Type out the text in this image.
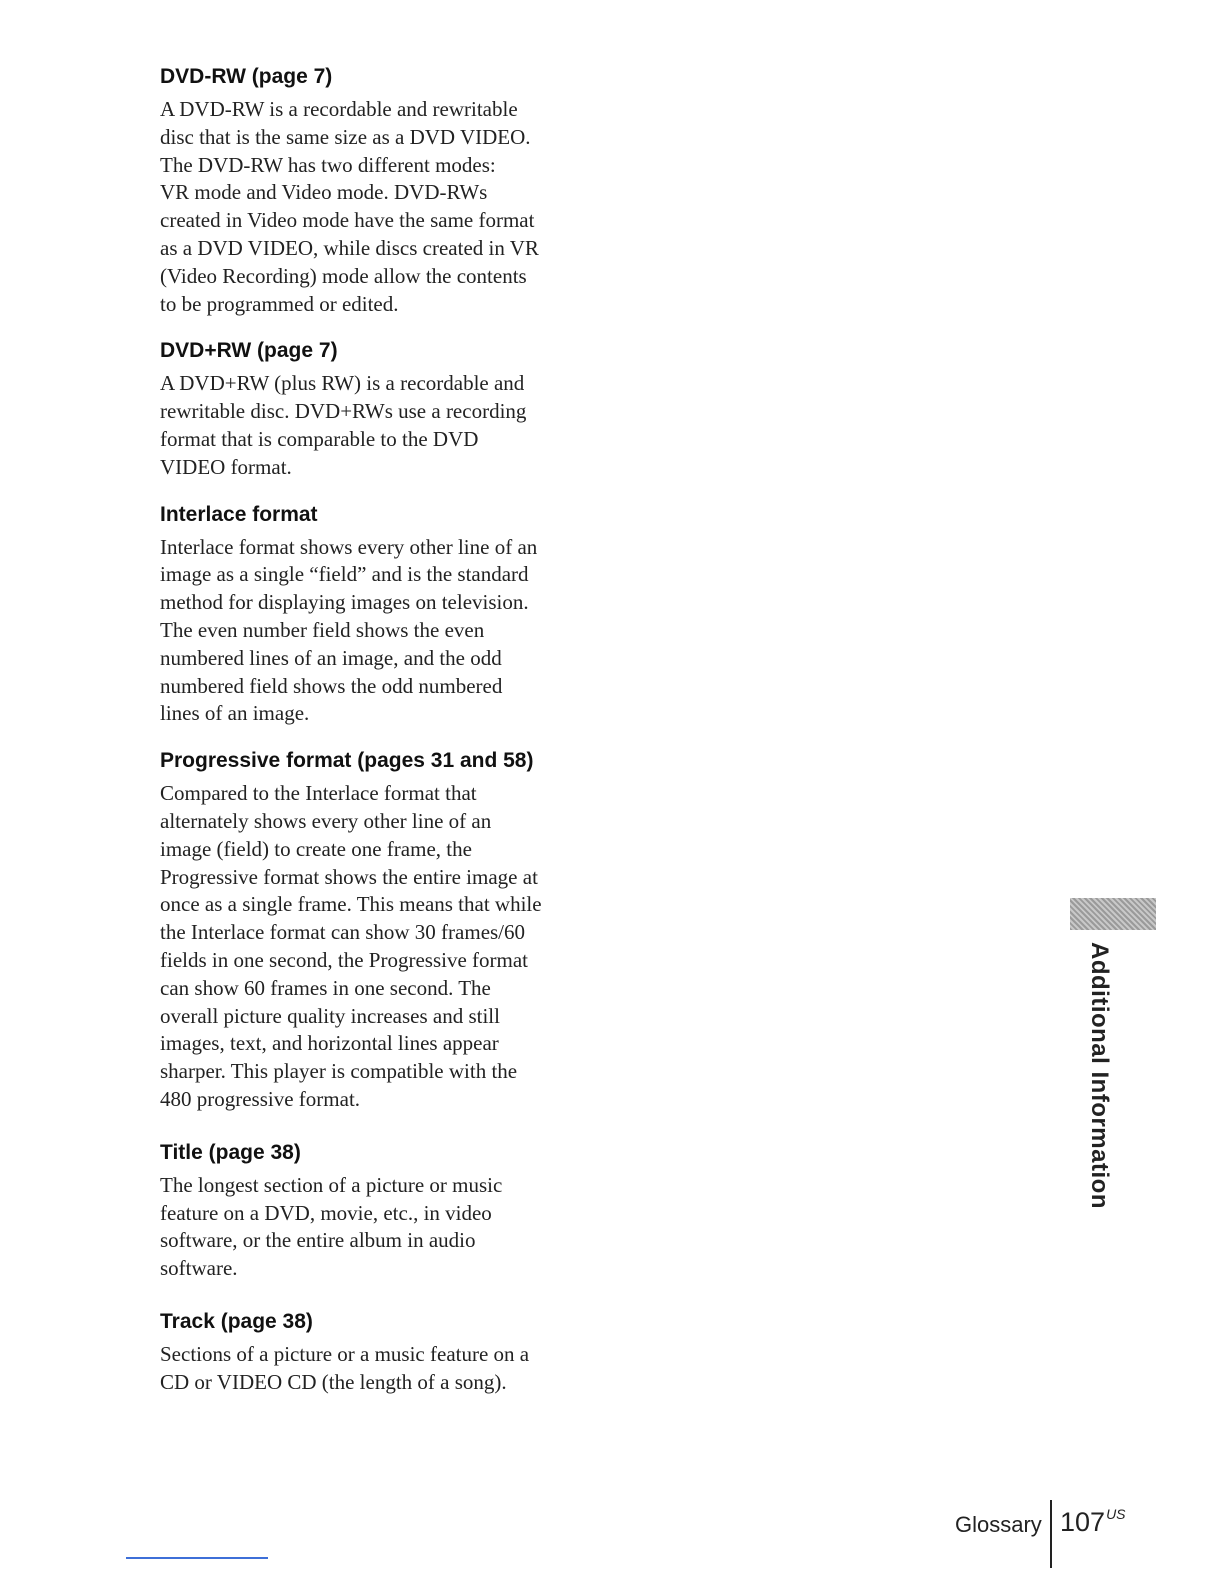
DVD-RW (page 7)

A DVD-RW is a recordable and rewritable
disc that is the same size as a DVD VIDEO.
The DVD-RW has two different modes:
VR mode and Video mode. DVD-RWs
created in Video mode have the same format
as a DVD VIDEO, while discs created in VR
(Video Recording) mode allow the contents
to be programmed or edited.

DVD+RW (page 7)

A DVD+RW (plus RW) is a recordable and
rewritable disc. DVD+RWs use a recording
format that is comparable to the DVD
VIDEO format.

Interlace format

Interlace format shows every other line of an
image as a single “field” and is the standard
method for displaying images on television.
The even number field shows the even
numbered lines of an image, and the odd
numbered field shows the odd numbered
lines of an image.

Progressive format (pages 31 and 58)

Compared to the Interlace format that
alternately shows every other line of an
image (field) to create one frame, the
Progressive format shows the entire image at
once as a single frame. This means that while
the Interlace format can show 30 frames/60
fields in one second, the Progressive format
can show 60 frames in one second. The
overall picture quality increases and still
images, text, and horizontal lines appear
sharper. This player is compatible with the
480 progressive format.

Title (page 38)

The longest section of a picture or music
feature on a DVD, movie, etc., in video
software, or the entire album in audio
software.

Track (page 38)

Sections of a picture or a music feature on a
CD or VIDEO CD (the length of a song).

Additional Information
Glossary $107^{US}$
